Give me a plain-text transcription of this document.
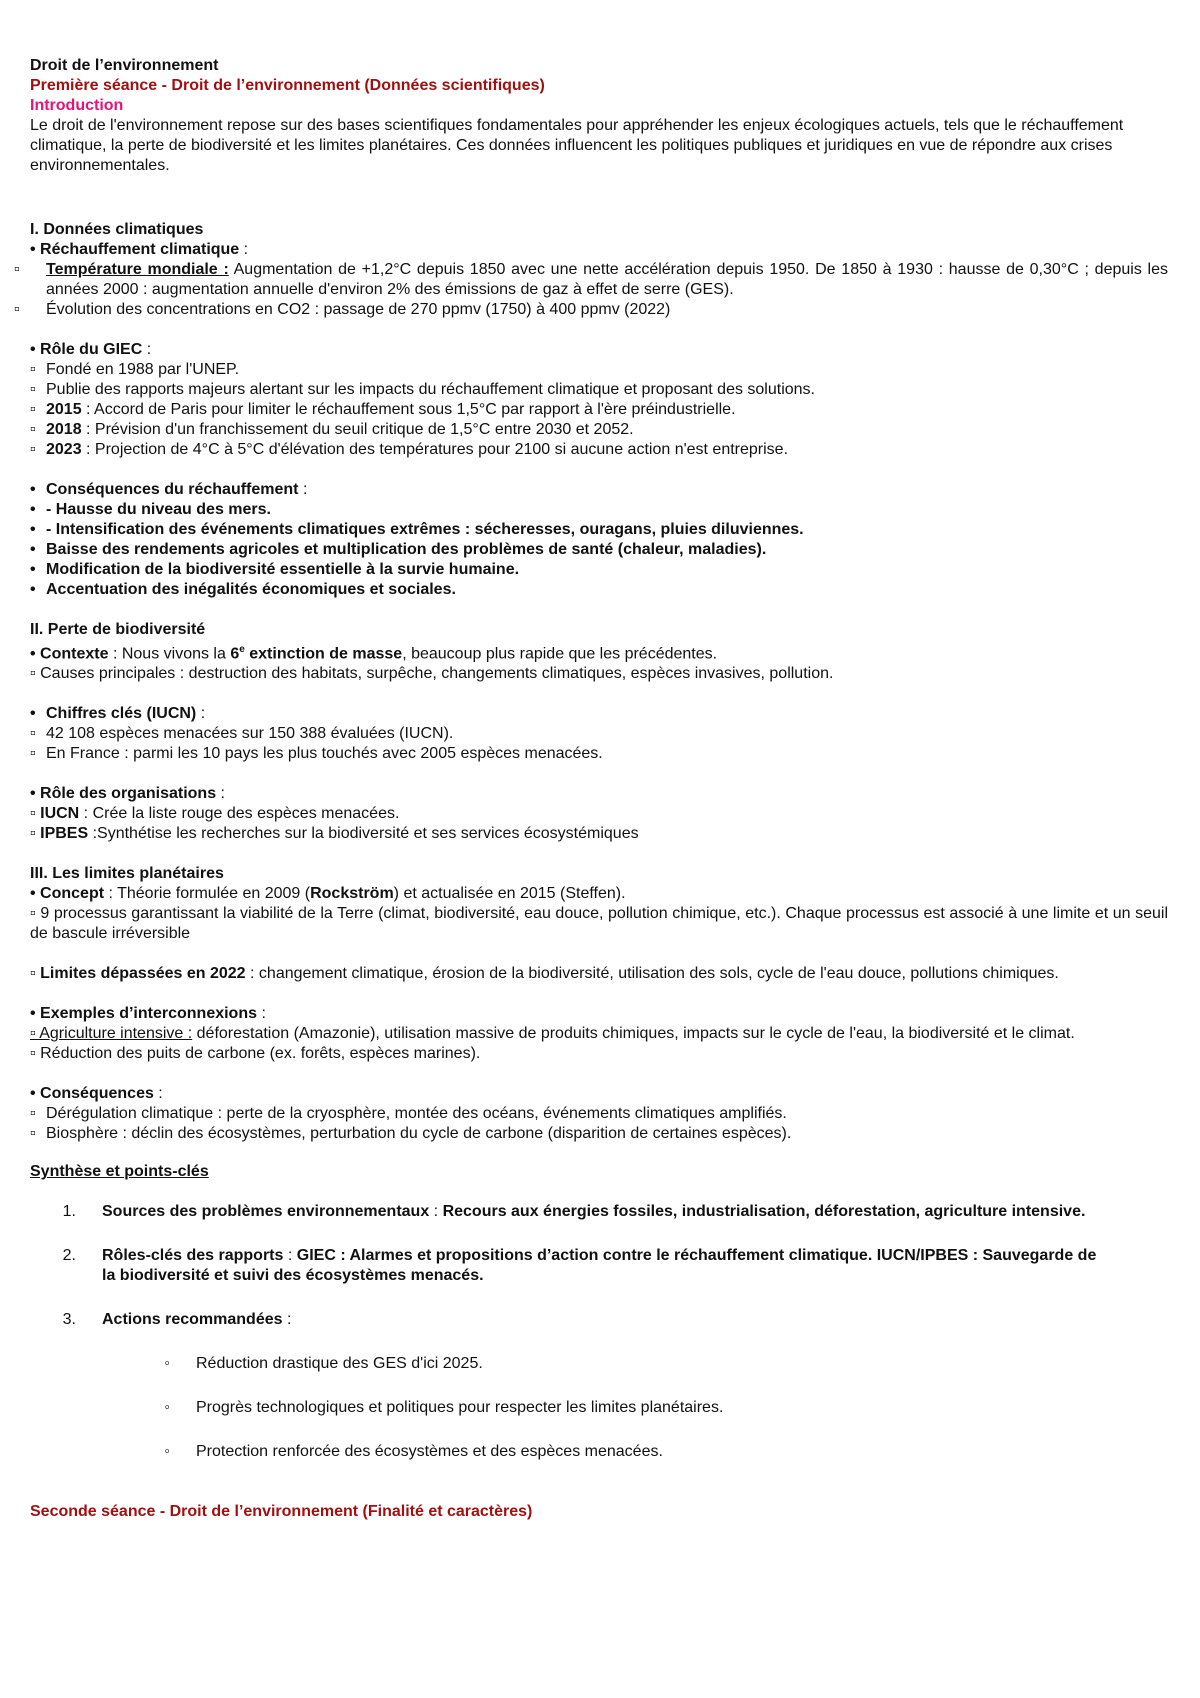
Droit de l’environnement
Première séance - Droit de l’environnement (Données scientifiques)
Introduction
Le droit de l'environnement repose sur des bases scientifiques fondamentales pour appréhender les enjeux écologiques actuels, tels que le réchauffement climatique, la perte de biodiversité et les limites planétaires. Ces données influencent les politiques publiques et juridiques en vue de répondre aux crises environnementales.
I. Données climatiques
• Réchauffement climatique :
▫ Température mondiale : Augmentation de +1,2°C depuis 1850 avec une nette accélération depuis 1950. De 1850 à 1930 : hausse de 0,30°C ; depuis les années 2000 : augmentation annuelle d'environ 2% des émissions de gaz à effet de serre (GES).
▫ Évolution des concentrations en CO2 : passage de 270 ppmv (1750) à 400 ppmv (2022)
• Rôle du GIEC :
▫ Fondé en 1988 par l'UNEP.
▫ Publie des rapports majeurs alertant sur les impacts du réchauffement climatique et proposant des solutions.
▫ 2015 : Accord de Paris pour limiter le réchauffement sous 1,5°C par rapport à l'ère préindustrielle.
▫ 2018 : Prévision d'un franchissement du seuil critique de 1,5°C entre 2030 et 2052.
▫ 2023 : Projection de 4°C à 5°C d'élévation des températures pour 2100 si aucune action n'est entreprise.
• Conséquences du réchauffement :
• - Hausse du niveau des mers.
• - Intensification des événements climatiques extrêmes : sécheresses, ouragans, pluies diluviennes.
• Baisse des rendements agricoles et multiplication des problèmes de santé (chaleur, maladies).
• Modification de la biodiversité essentielle à la survie humaine.
• Accentuation des inégalités économiques et sociales.
II. Perte de biodiversité
• Contexte : Nous vivons la 6e extinction de masse, beaucoup plus rapide que les précédentes.
▫ Causes principales : destruction des habitats, surpêche, changements climatiques, espèces invasives, pollution.
• Chiffres clés (IUCN) :
▫ 42 108 espèces menacées sur 150 388 évaluées (IUCN).
▫ En France : parmi les 10 pays les plus touchés avec 2005 espèces menacées.
• Rôle des organisations :
▫ IUCN : Crée la liste rouge des espèces menacées.
▫ IPBES :Synthétise les recherches sur la biodiversité et ses services écosystémiques
III. Les limites planétaires
• Concept : Théorie formulée en 2009 (Rockström) et actualisée en 2015 (Steffen).
▫ 9 processus garantissant la viabilité de la Terre (climat, biodiversité, eau douce, pollution chimique, etc.). Chaque processus est associé à une limite et un seuil de bascule irréversible
▫ Limites dépassées en 2022 : changement climatique, érosion de la biodiversité, utilisation des sols, cycle de l'eau douce, pollutions chimiques.
• Exemples d’interconnexions :
▫ Agriculture intensive : déforestation (Amazonie), utilisation massive de produits chimiques, impacts sur le cycle de l'eau, la biodiversité et le climat.
▫ Réduction des puits de carbone (ex. forêts, espèces marines).
• Conséquences :
▫ Dérégulation climatique : perte de la cryosphère, montée des océans, événements climatiques amplifiés.
▫ Biosphère : déclin des écosystèmes, perturbation du cycle de carbone (disparition de certaines espèces).
Synthèse et points-clés
1.	Sources des problèmes environnementaux : Recours aux énergies fossiles, industrialisation, déforestation, agriculture intensive.
2.	Rôles-clés des rapports : GIEC : Alarmes et propositions d’action contre le réchauffement climatique. IUCN/IPBES : Sauvegarde de la biodiversité et suivi des écosystèmes menacés.
3.	Actions recommandées :
◦	Réduction drastique des GES d'ici 2025.
◦	Progrès technologiques et politiques pour respecter les limites planétaires.
◦	Protection renforcée des écosystèmes et des espèces menacées.
Seconde séance - Droit de l’environnement (Finalité et caractères)
